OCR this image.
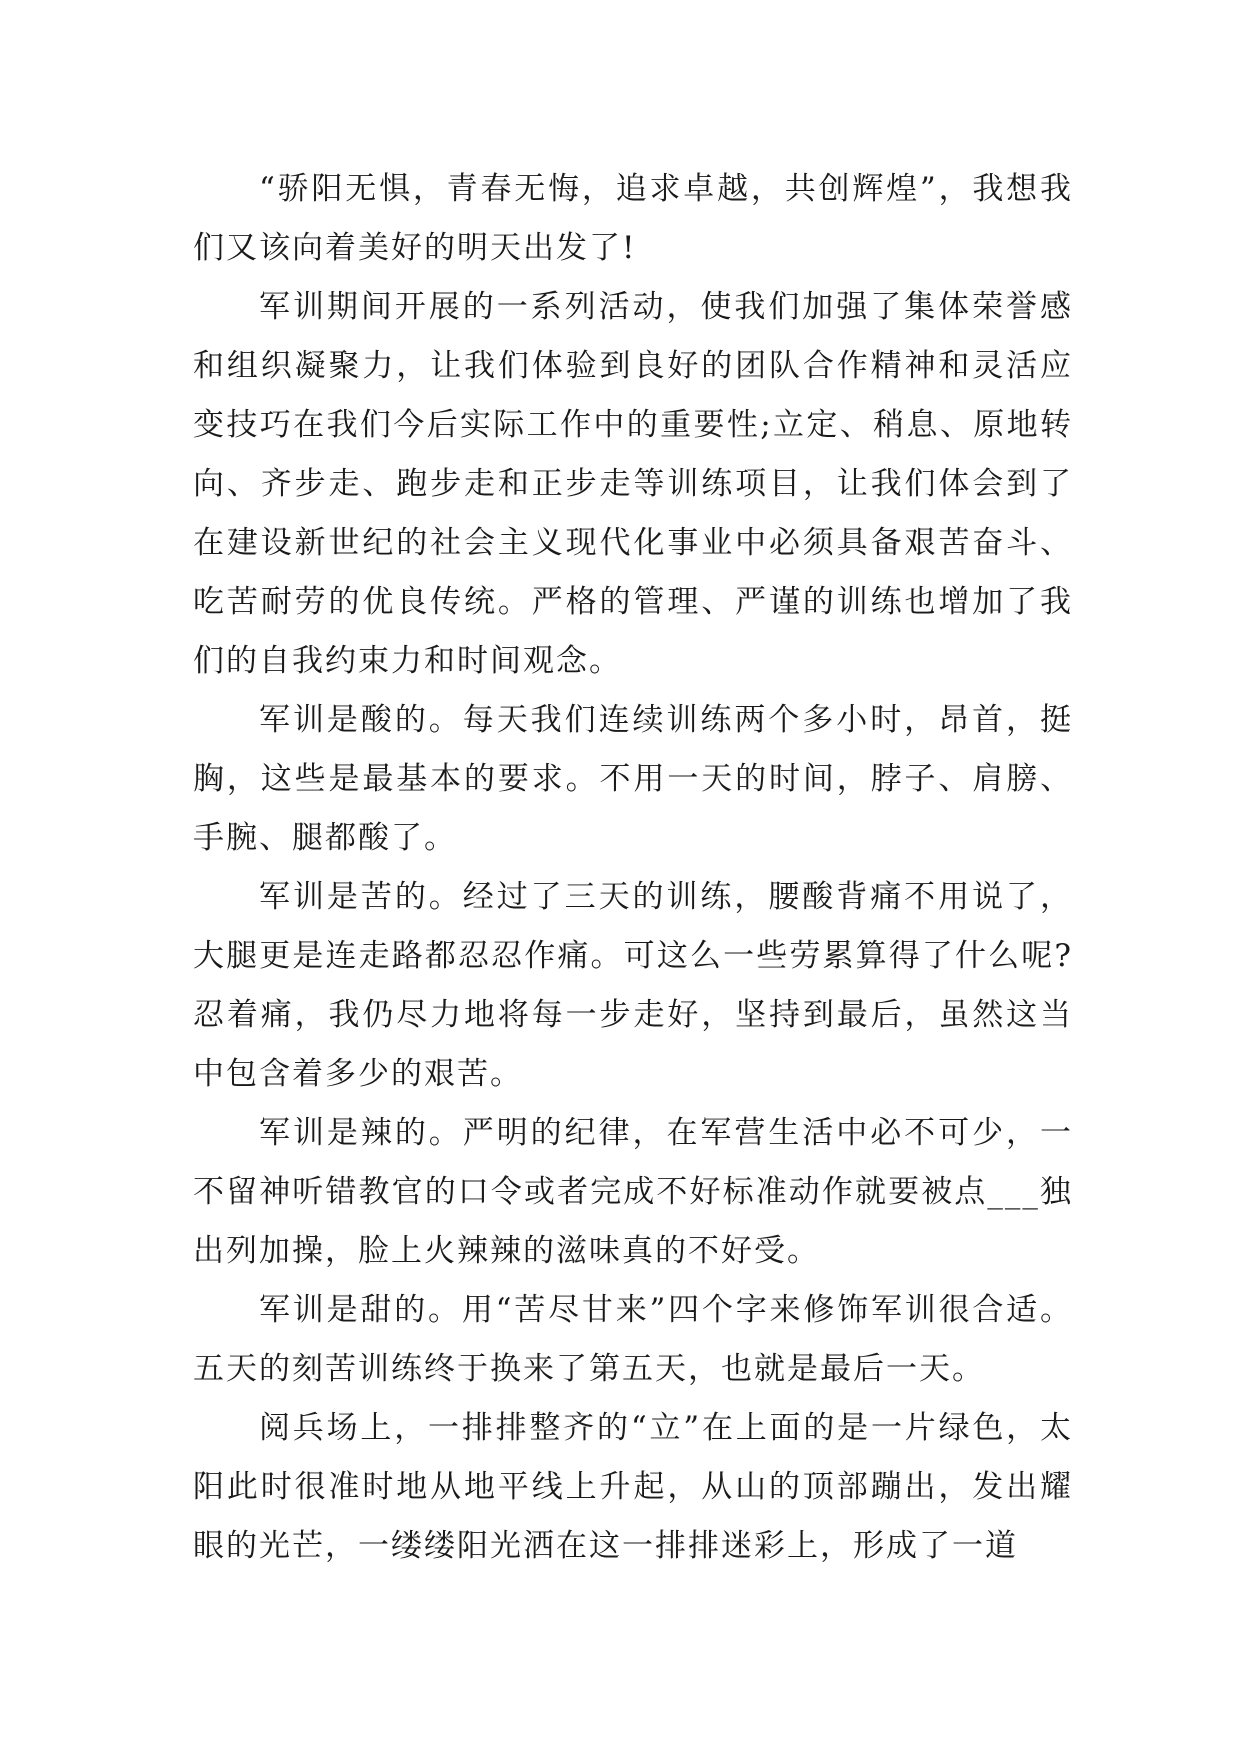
“骄阳无惧，青春无悔，追求卓越，共创辉煌”，我想我们又该向着美好的明天出发了!

军训期间开展的一系列活动，使我们加强了集体荣誉感和组织凝聚力，让我们体验到良好的团队合作精神和灵活应变技巧在我们今后实际工作中的重要性;立定、稍息、原地转向、齐步走、跑步走和正步走等训练项目，让我们体会到了在建设新世纪的社会主义现代化事业中必须具备艰苦奋斗、吃苦耐劳的优良传统。严格的管理、严谨的训练也增加了我们的自我约束力和时间观念。

军训是酸的。每天我们连续训练两个多小时，昂首，挺胸，这些是最基本的要求。不用一天的时间，脖子、肩膀、手腕、腿都酸了。

军训是苦的。经过了三天的训练，腰酸背痛不用说了，大腿更是连走路都忍忍作痛。可这么一些劳累算得了什么呢?忍着痛，我仍尽力地将每一步走好，坚持到最后，虽然这当中包含着多少的艰苦。

军训是辣的。严明的纪律，在军营生活中必不可少，一不留神听错教官的口令或者完成不好标准动作就要被点___独出列加操，脸上火辣辣的滋味真的不好受。

军训是甜的。用“苦尽甘来”四个字来修饰军训很合适。五天的刻苦训练终于换来了第五天，也就是最后一天。

阅兵场上，一排排整齐的“立”在上面的是一片绿色，太阳此时很准时地从地平线上升起，从山的顶部蹦出，发出耀眼的光芒，一缕缕阳光洒在这一排排迷彩上，形成了一道
